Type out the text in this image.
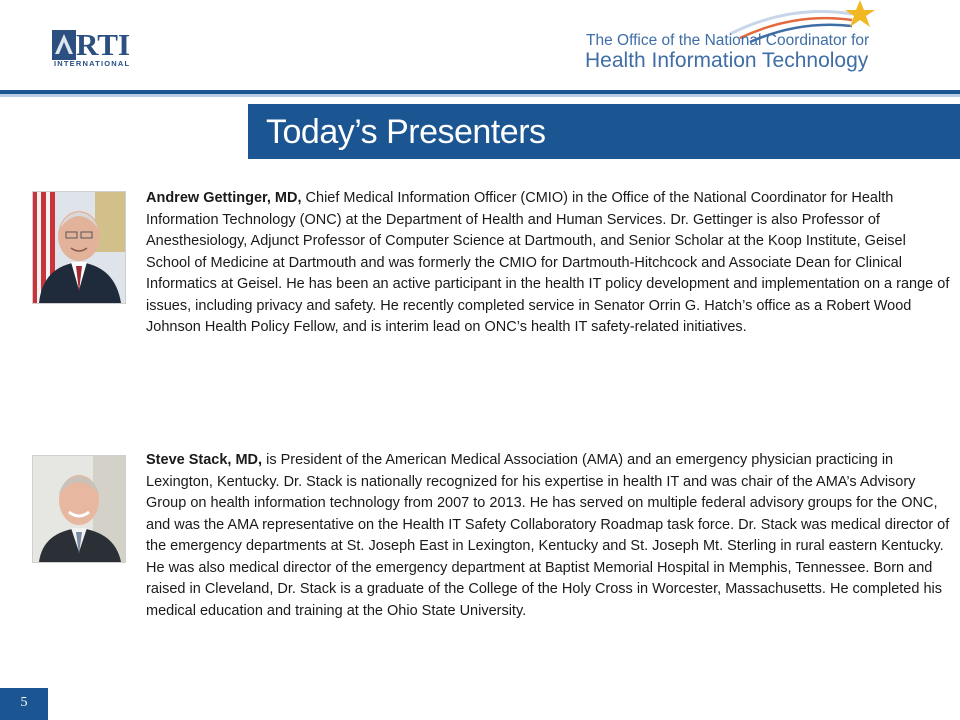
RTI
INTERNATIONAL
The Office of the National Coordinator for
Health Information Technology
Today’s Presenters
Andrew Gettinger, MD, Chief Medical Information Officer (CMIO) in the Office of the National Coordinator for Health Information Technology (ONC) at the Department of Health and Human Services. Dr. Gettinger is also Professor of Anesthesiology, Adjunct Professor of Computer Science at Dartmouth, and Senior Scholar at the Koop Institute, Geisel School of Medicine at Dartmouth and was formerly the CMIO for Dartmouth-Hitchcock and Associate Dean for Clinical Informatics at Geisel. He has been an active participant in the health IT policy development and implementation on a range of issues, including privacy and safety. He recently completed service in Senator Orrin G. Hatch’s office as a Robert Wood Johnson Health Policy Fellow, and is interim lead on ONC’s health IT safety-related initiatives.
Steve Stack, MD, is President of the American Medical Association (AMA) and an emergency physician practicing in Lexington, Kentucky. Dr. Stack is nationally recognized for his expertise in health IT and was chair of the AMA’s Advisory Group on health information technology from 2007 to 2013. He has served on multiple federal advisory groups for the ONC, and was the AMA representative on the Health IT Safety Collaboratory Roadmap task force. Dr. Stack was medical director of the emergency departments at St. Joseph East in Lexington, Kentucky and St. Joseph Mt. Sterling in rural eastern Kentucky. He was also medical director of the emergency department at Baptist Memorial Hospital in Memphis, Tennessee. Born and raised in Cleveland, Dr. Stack is a graduate of the College of the Holy Cross in Worcester, Massachusetts. He completed his medical education and training at the Ohio State University.
5
